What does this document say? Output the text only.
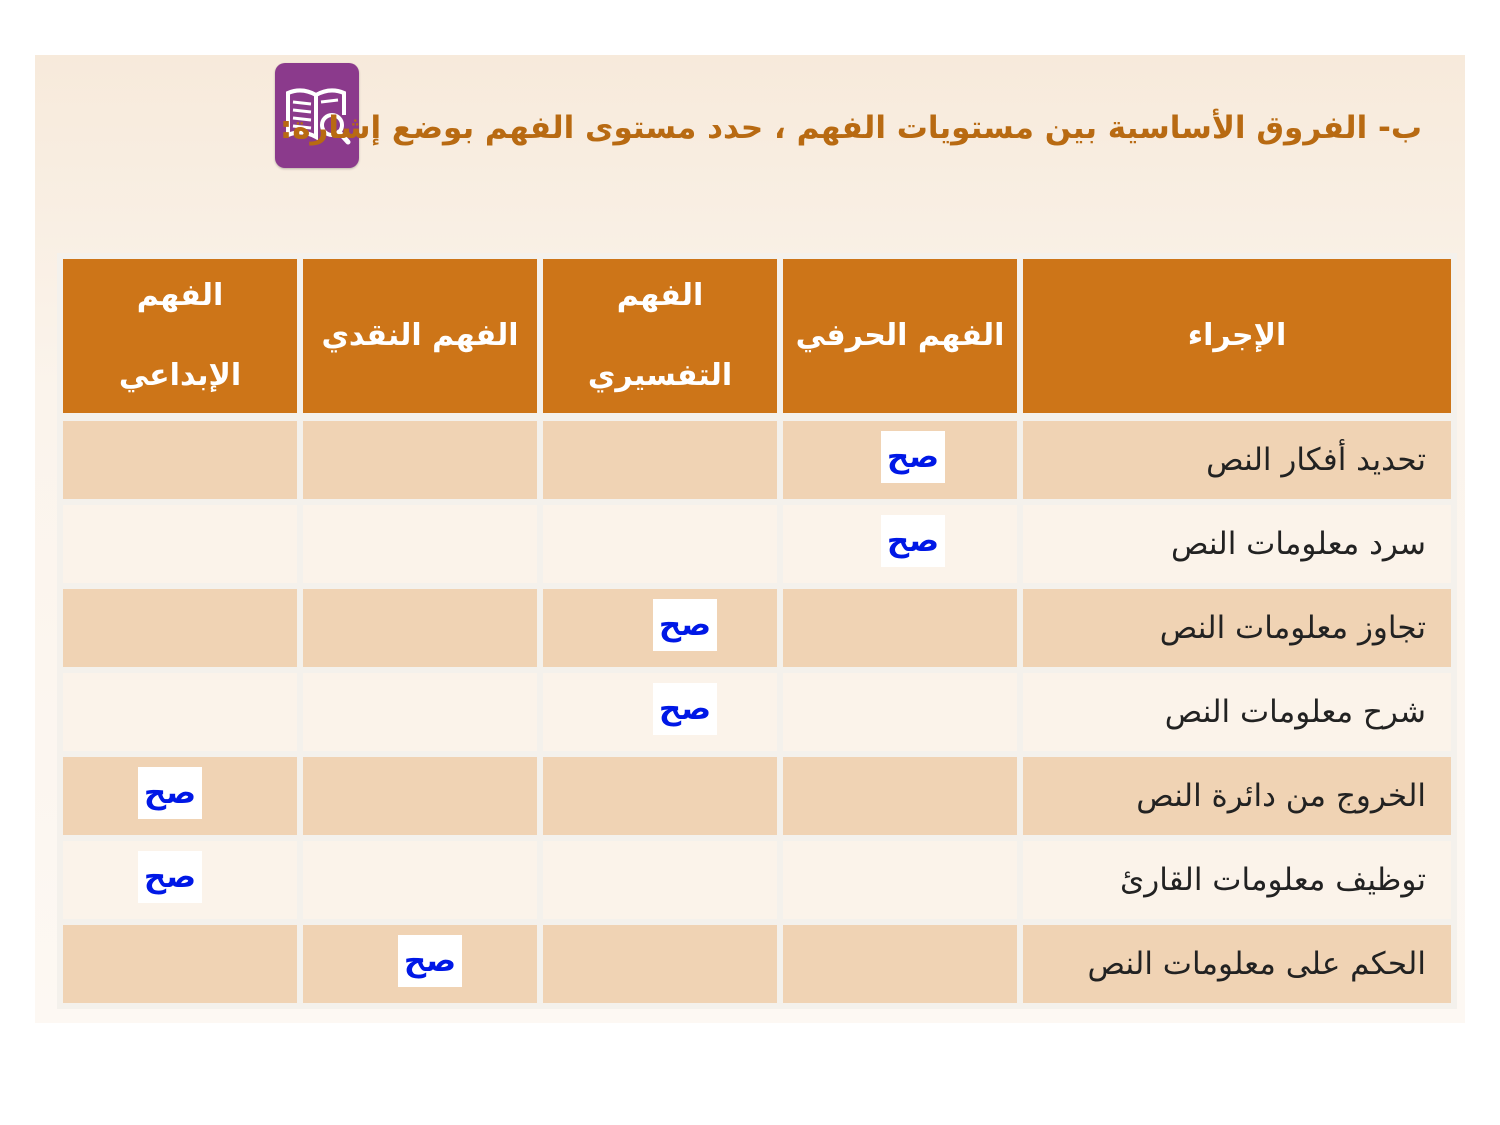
ب- الفروق الأساسية بين مستويات الفهم ، حدد مستوى الفهم بوضع إشارة:
الإجراء
الفهم الحرفي
الفهم
التفسيري
الفهم النقدي
الفهم
الإبداعي
تحديد أفكار النص
صح
سرد معلومات النص
صح
تجاوز معلومات النص
صح
شرح معلومات النص
صح
الخروج من دائرة النص
صح
توظيف معلومات القارئ
صح
الحكم على معلومات النص
صح
